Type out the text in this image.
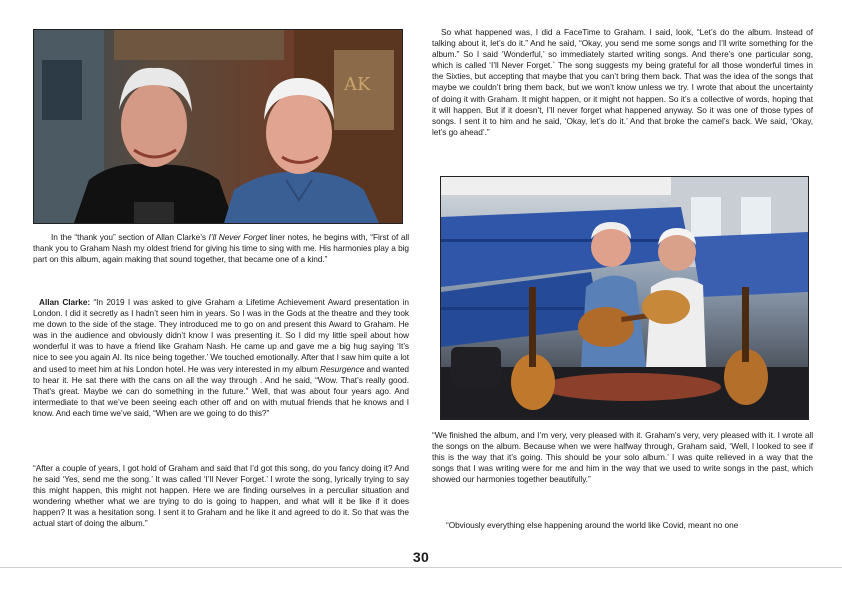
AK

In the “thank you” section of Allan Clarke’s I’ll Never Forget liner notes, he begins with, “First of all thank you to Graham Nash my oldest friend for giving his time to sing with me. His harmonies play a big part on this album, again making that sound together, that became one of a kind.”

Allan Clarke: “In 2019 I was asked to give Graham a Lifetime Achievement Award presentation in London. I did it secretly as I hadn’t seen him in years. So I was in the Gods at the theatre and they took me down to the side of the stage. They introduced me to go on and present this Award to Graham. He was in the audience and obviously didn’t know I was presenting it. So I did my little speil about how wonderful it was to have a friend like Graham Nash. He came up and gave me a big hug saying ‘It’s nice to see you again Al. Its nice being together.’ We touched emotionally. After that I saw him quite a lot and used to meet him at his London hotel. He was very interested in my album Resurgence and wanted to hear it. He sat there with the cans on all the way through . And he said, “Wow. That’s really good. That’s great. Maybe we can do something in the future.” Well, that was about four years ago. And intermediate to that we’ve been seeing each other off and on with mutual friends that he knows and I know. And each time we’ve said, “When are we going to do this?”

“After a couple of years, I got hold of Graham and said that I’d got this song, do you fancy doing it? And he said ‘Yes, send me the song.’ It was called ‘I’ll Never Forget.’ I wrote the song, lyrically trying to say this might happen, this might not happen. Here we are finding ourselves in a perculiar situation and wondering whether what we are trying to do is going to happen, and what will it be like if it does happen? It was a hesitation song. I sent it to Graham and he like it and agreed to do it. So that was the actual start of doing the album.”

So what happened was, I did a FaceTime to Graham. I said, look, “Let’s do the album. Instead of talking about it, let’s do it.” And he said, “Okay, you send me some songs and I’ll write something for the album.” So I said ‘Wonderful,’ so immediately started writing songs. And there’s one particular song, which is called ‘I’ll Never Forget.` The song suggests my being grateful for all those wonderful times in the Sixties, but accepting that maybe that you can’t bring them back. That was the idea of the songs that maybe we couldn’t bring them back, but we won’t know unless we try. I wrote that about the uncertainty of doing it with Graham. It might happen, or it might not happen. So it’s a collective of words, hoping that it will happen. But if it doesn’t, I’ll never forget what happened anyway. So it was one of those types of songs. I sent it to him and he said, ‘Okay, let’s do it.’ And that broke the camel’s back. We said, ‘Okay, let’s go ahead’.”

“We finished the album, and I’m very, very pleased with it. Graham’s very, very pleased with it. I wrote all the songs on the album. Because when we were halfway through, Graham said, ‘Well, I looked to see if this is the way that it’s going. This should be your solo album.’ I was quite relieved in a way that the songs that I was writing were for me and him in the way that we used to write songs in the past, which showed our harmonies together beautifully.”

“Obviously everything else happening around the world like Covid, meant no one

30
